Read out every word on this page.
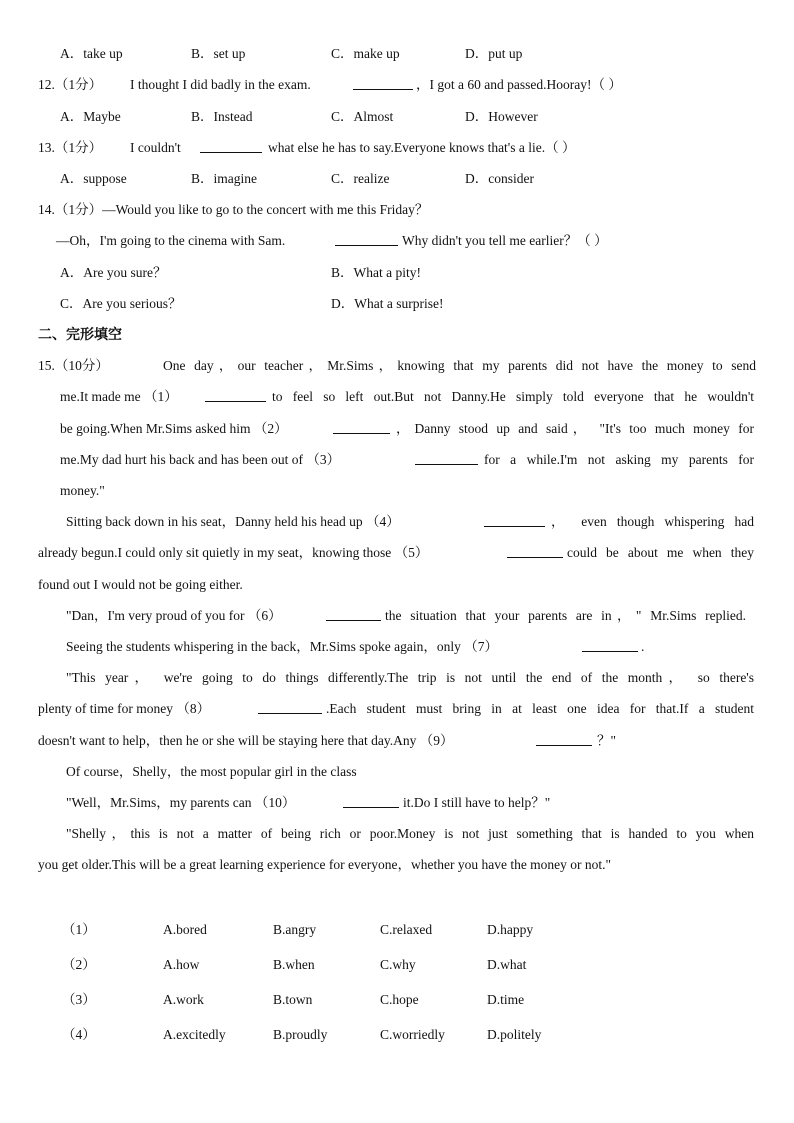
A．take up	B．set up	C．make up	D．put up
12.（1分） I thought I did badly in the exam.	，I got a 60 and passed.Hooray!（ ）
A．Maybe	B．Instead	C．Almost	D．However
13.（1分） I couldn't	what else he has to say.Everyone knows that's a lie.（ ）
A．suppose	B．imagine	C．realize	D．consider
14.（1分）—Would you like to go to the concert with me this Friday？
—Oh，I'm going to the cinema with Sam.	Why didn't you tell me earlier？（ ）
A．Are you sure？	B．What a pity!
C．Are you serious？	D．What a surprise!
二、完形填空
15.（10分）	One day，our teacher，Mr.Sims，knowing that my parents did not have the money to send
me.It made me （1）	to feel so left out.But not Danny.He simply told everyone that he wouldn't
be going.When Mr.Sims asked him （2）	，Danny stood up and said， "It's too much money for
me.My dad hurt his back and has been out of （3）	for a while.I'm not asking my parents for
money."
Sitting back down in his seat，Danny held his head up （4）	， even though whispering had
already begun.I could only sit quietly in my seat，knowing those （5）	could be about me when they
found out I would not be going either.
"Dan，I'm very proud of you for （6）	the situation that your parents are in，" Mr.Sims replied.
Seeing the students whispering in the back，Mr.Sims spoke again，only （7）	.
"This year， we're going to do things differently.The trip is not until the end of the month， so there's
plenty of time for money （8）	.Each student must bring in at least one idea for that.If a student
doesn't want to help，then he or she will be staying here that day.Any （9）	？"
Of course，Shelly，the most popular girl in the class
"Well，Mr.Sims，my parents can （10）	it.Do I still have to help？"
"Shelly，this is not a matter of being rich or poor.Money is not just something that is handed to you when
you get older.This will be a great learning experience for everyone，whether you have the money or not."
（1）	A.bored	B.angry	C.relaxed	D.happy
（2）	A.how	B.when	C.why	D.what
（3）	A.work	B.town	C.hope	D.time
（4）	A.excitedly	B.proudly	C.worriedly	D.politely
